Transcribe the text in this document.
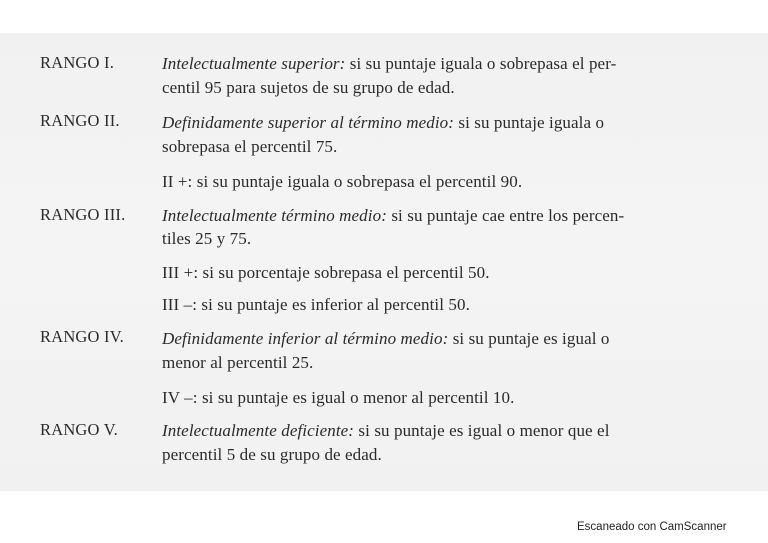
RANGO I.	Intelectualmente superior: si su puntaje iguala o sobrepasa el per-
centil 95 para sujetos de su grupo de edad.
RANGO II. Definidamente superior al término medio: si su puntaje iguala o
sobrepasa el percentil 75.
II +: si su puntaje iguala o sobrepasa el percentil 90.
RANGO III. Intelectualmente término medio: si su puntaje cae entre los percen-
tiles 25 y 75.
III +: si su porcentaje sobrepasa el percentil 50.
III –: si su puntaje es inferior al percentil 50.
RANGO IV. Definidamente inferior al término medio: si su puntaje es igual o
menor al percentil 25.
IV –: si su puntaje es igual o menor al percentil 10.
RANGO V.	Intelectualmente deficiente: si su puntaje es igual o menor que el
percentil 5 de su grupo de edad.
Escaneado con CamScanner
